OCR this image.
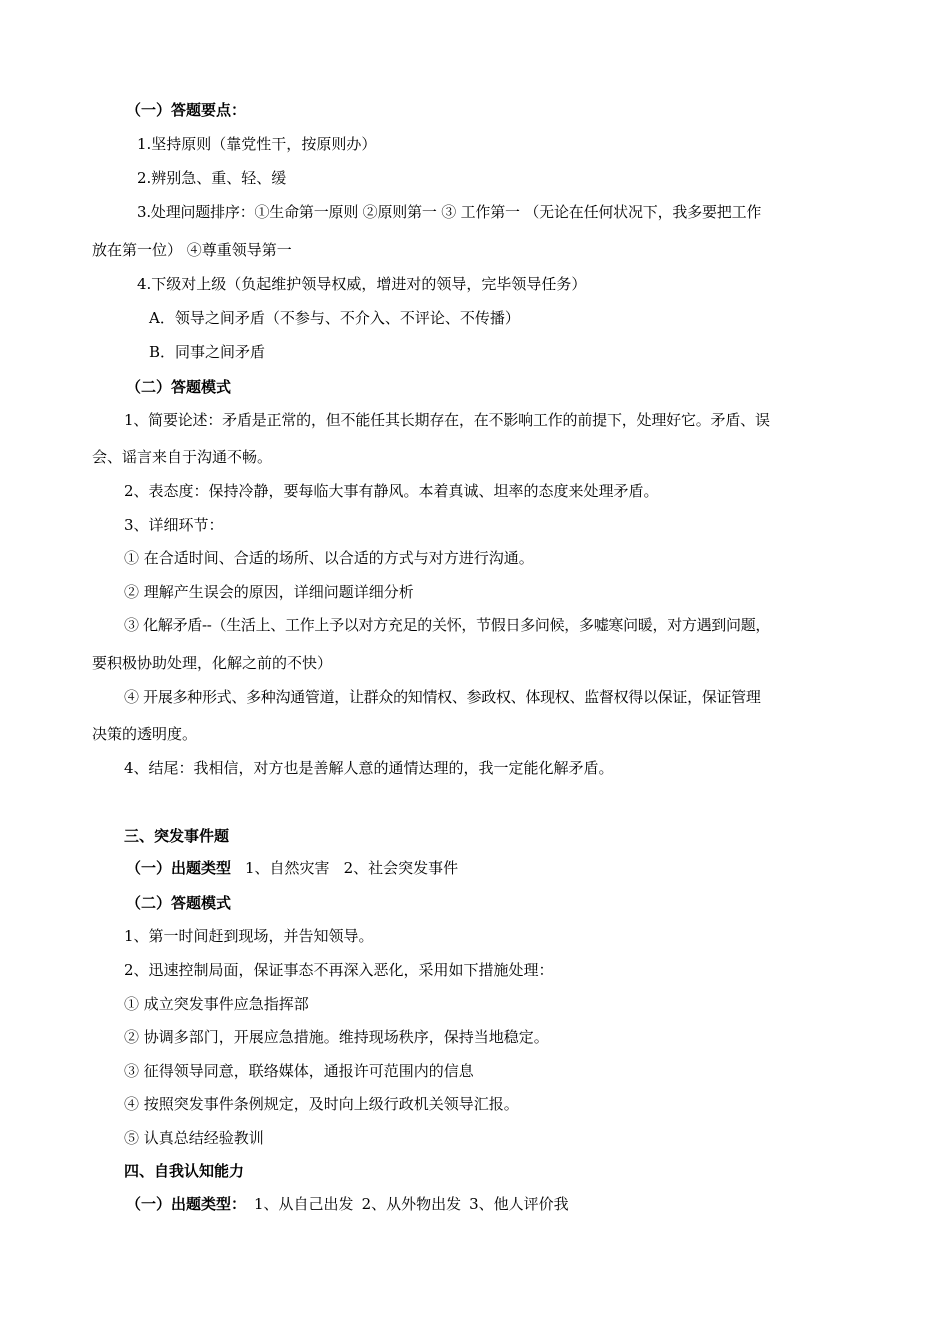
（一）答题要点：

1.坚持原则（靠党性干，按原则办）

2.辨别急、重、轻、缓

3.处理问题排序：①生命第一原则 ②原则第一 ③ 工作第一 （无论在任何状况下，我多要把工作

放在第一位） ④尊重领导第一

4.下级对上级（负起维护领导权威，增进对的领导，完毕领导任务）

A．领导之间矛盾（不参与、不介入、不评论、不传播）

B．同事之间矛盾

（二）答题模式

1、简要论述：矛盾是正常的，但不能任其长期存在，在不影响工作的前提下，处理好它。矛盾、误

会、谣言来自于沟通不畅。

2、表态度：保持冷静，要每临大事有静风。本着真诚、坦率的态度来处理矛盾。

3、详细环节：

① 在合适时间、合适的场所、以合适的方式与对方进行沟通。

② 理解产生误会的原因，详细问题详细分析

③ 化解矛盾--（生活上、工作上予以对方充足的关怀，节假日多问候，多嘘寒问暖，对方遇到问题，

要积极协助处理，化解之前的不快）

④ 开展多种形式、多种沟通管道，让群众的知情权、参政权、体现权、监督权得以保证，保证管理

决策的透明度。

4、结尾：我相信，对方也是善解人意的通情达理的，我一定能化解矛盾。

三、突发事件题

（一）出题类型 1、自然灾害 2、社会突发事件

（二）答题模式

1、第一时间赶到现场，并告知领导。

2、迅速控制局面，保证事态不再深入恶化，采用如下措施处理：

① 成立突发事件应急指挥部

② 协调多部门，开展应急措施。维持现场秩序，保持当地稳定。

③ 征得领导同意，联络媒体，通报许可范围内的信息

④ 按照突发事件条例规定，及时向上级行政机关领导汇报。

⑤ 认真总结经验教训

四、自我认知能力

（一）出题类型： 1、从自己出发 2、从外物出发 3、他人评价我
